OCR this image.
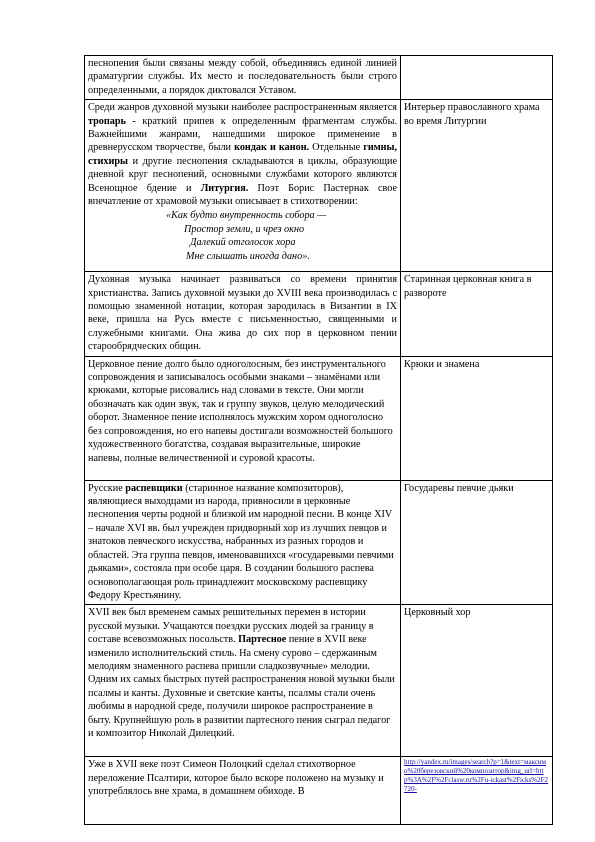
песнопения были связаны между собой, объединяясь единой линией драматургии службы. Их место и последовательность были строго определенными, а порядок диктовался Уставом.	

Среди жанров духовной музыки наиболее распространенным является тропарь - краткий припев к определенным фрагментам службы. Важнейшими жанрами, нашедшими широкое применение в древнерусском творчестве, были кондак и канон. Отдельные гимны, стихиры и другие песнопения складываются в циклы, образующие дневной круг песнопений, основными службами которого являются Всенощное бдение и Литургия. Поэт Борис Пастернак свое впечатление от храмовой музыки описывает в стихотворении:
«Как будто внутренность собора —
Простор земли, и чрез окно
Далекий отголосок хора
Мне слышать иногда дано».	Интерьер православного храма во время Литургии
Духовная музыка начинает развиваться со времени принятия христианства. Запись духовной музыки до XVIII века производилась с помощью знаменной нотации, которая зародилась в Византии в IX веке, пришла на Русь вместе с письменностью, священными и служебными книгами. Она жива до сих пор в церковном пении старообрядческих общин.	Старинная церковная книга в развороте
Церковное пение долго было одноголосным, без инструментального сопровождения и записывалось особыми знаками – знамёнами или крюками, которые рисовались над словами в тексте. Они могли обозначать как один звук, так и группу звуков, целую мелодический оборот. Знаменное пение исполнялось мужским хором одноголосно без сопровождения, но его напевы достигали возможностей большого художественного богатства, создавая выразительные, широкие напевы, полные величественной и суровой красоты.	Крюки и знамена
Русские распевщики (старинное название композиторов), являющиеся выходцами из народа, привносили в церковные песнопения черты родной и близкой им народной песни. В конце XIV – начале XVI вв. был учрежден придворный хор из лучших певцов и знатоков певческого искусства, набранных из разных городов и областей. Эта группа певцов, именовавшихся «государевыми певчими дьяками», состояла при особе царя. В создании большого распева основополагающая роль принадлежит московскому распевщику Федору Крестьянину.	Государевы певчие дьяки
XVII век был временем самых решительных перемен в истории русской музыки. Учащаются поездки русских людей за границу в составе всевозможных посольств. Партесное пение в XVII веке изменило исполнительский стиль. На смену сурово – сдержанным мелодиям знаменного распева пришли сладкозвучные» мелодии. Одним их самых быстрых путей распространения новой музыки были псалмы и канты. Духовные и светские канты, псалмы стали очень любимы в народной среде, получили широкое распространение в быту. Крупнейшую роль в развитии партесного пения сыграл педагог и композитор Николай Дилецкий.	Церковный хор
Уже в XVII веке поэт Симеон Полоцкий сделал стихотворное переложение Псалтири, которое было вскоре положено на музыку и употреблялось вне храма, в домашнем обиходе. В	http://yandex.ru/images/search?p=1&text=максимо%20березовский%20композитор&img_url=http%3A%2F%2Fclasw.ru%2Fu-ickast%2Ficks%2F2720-
